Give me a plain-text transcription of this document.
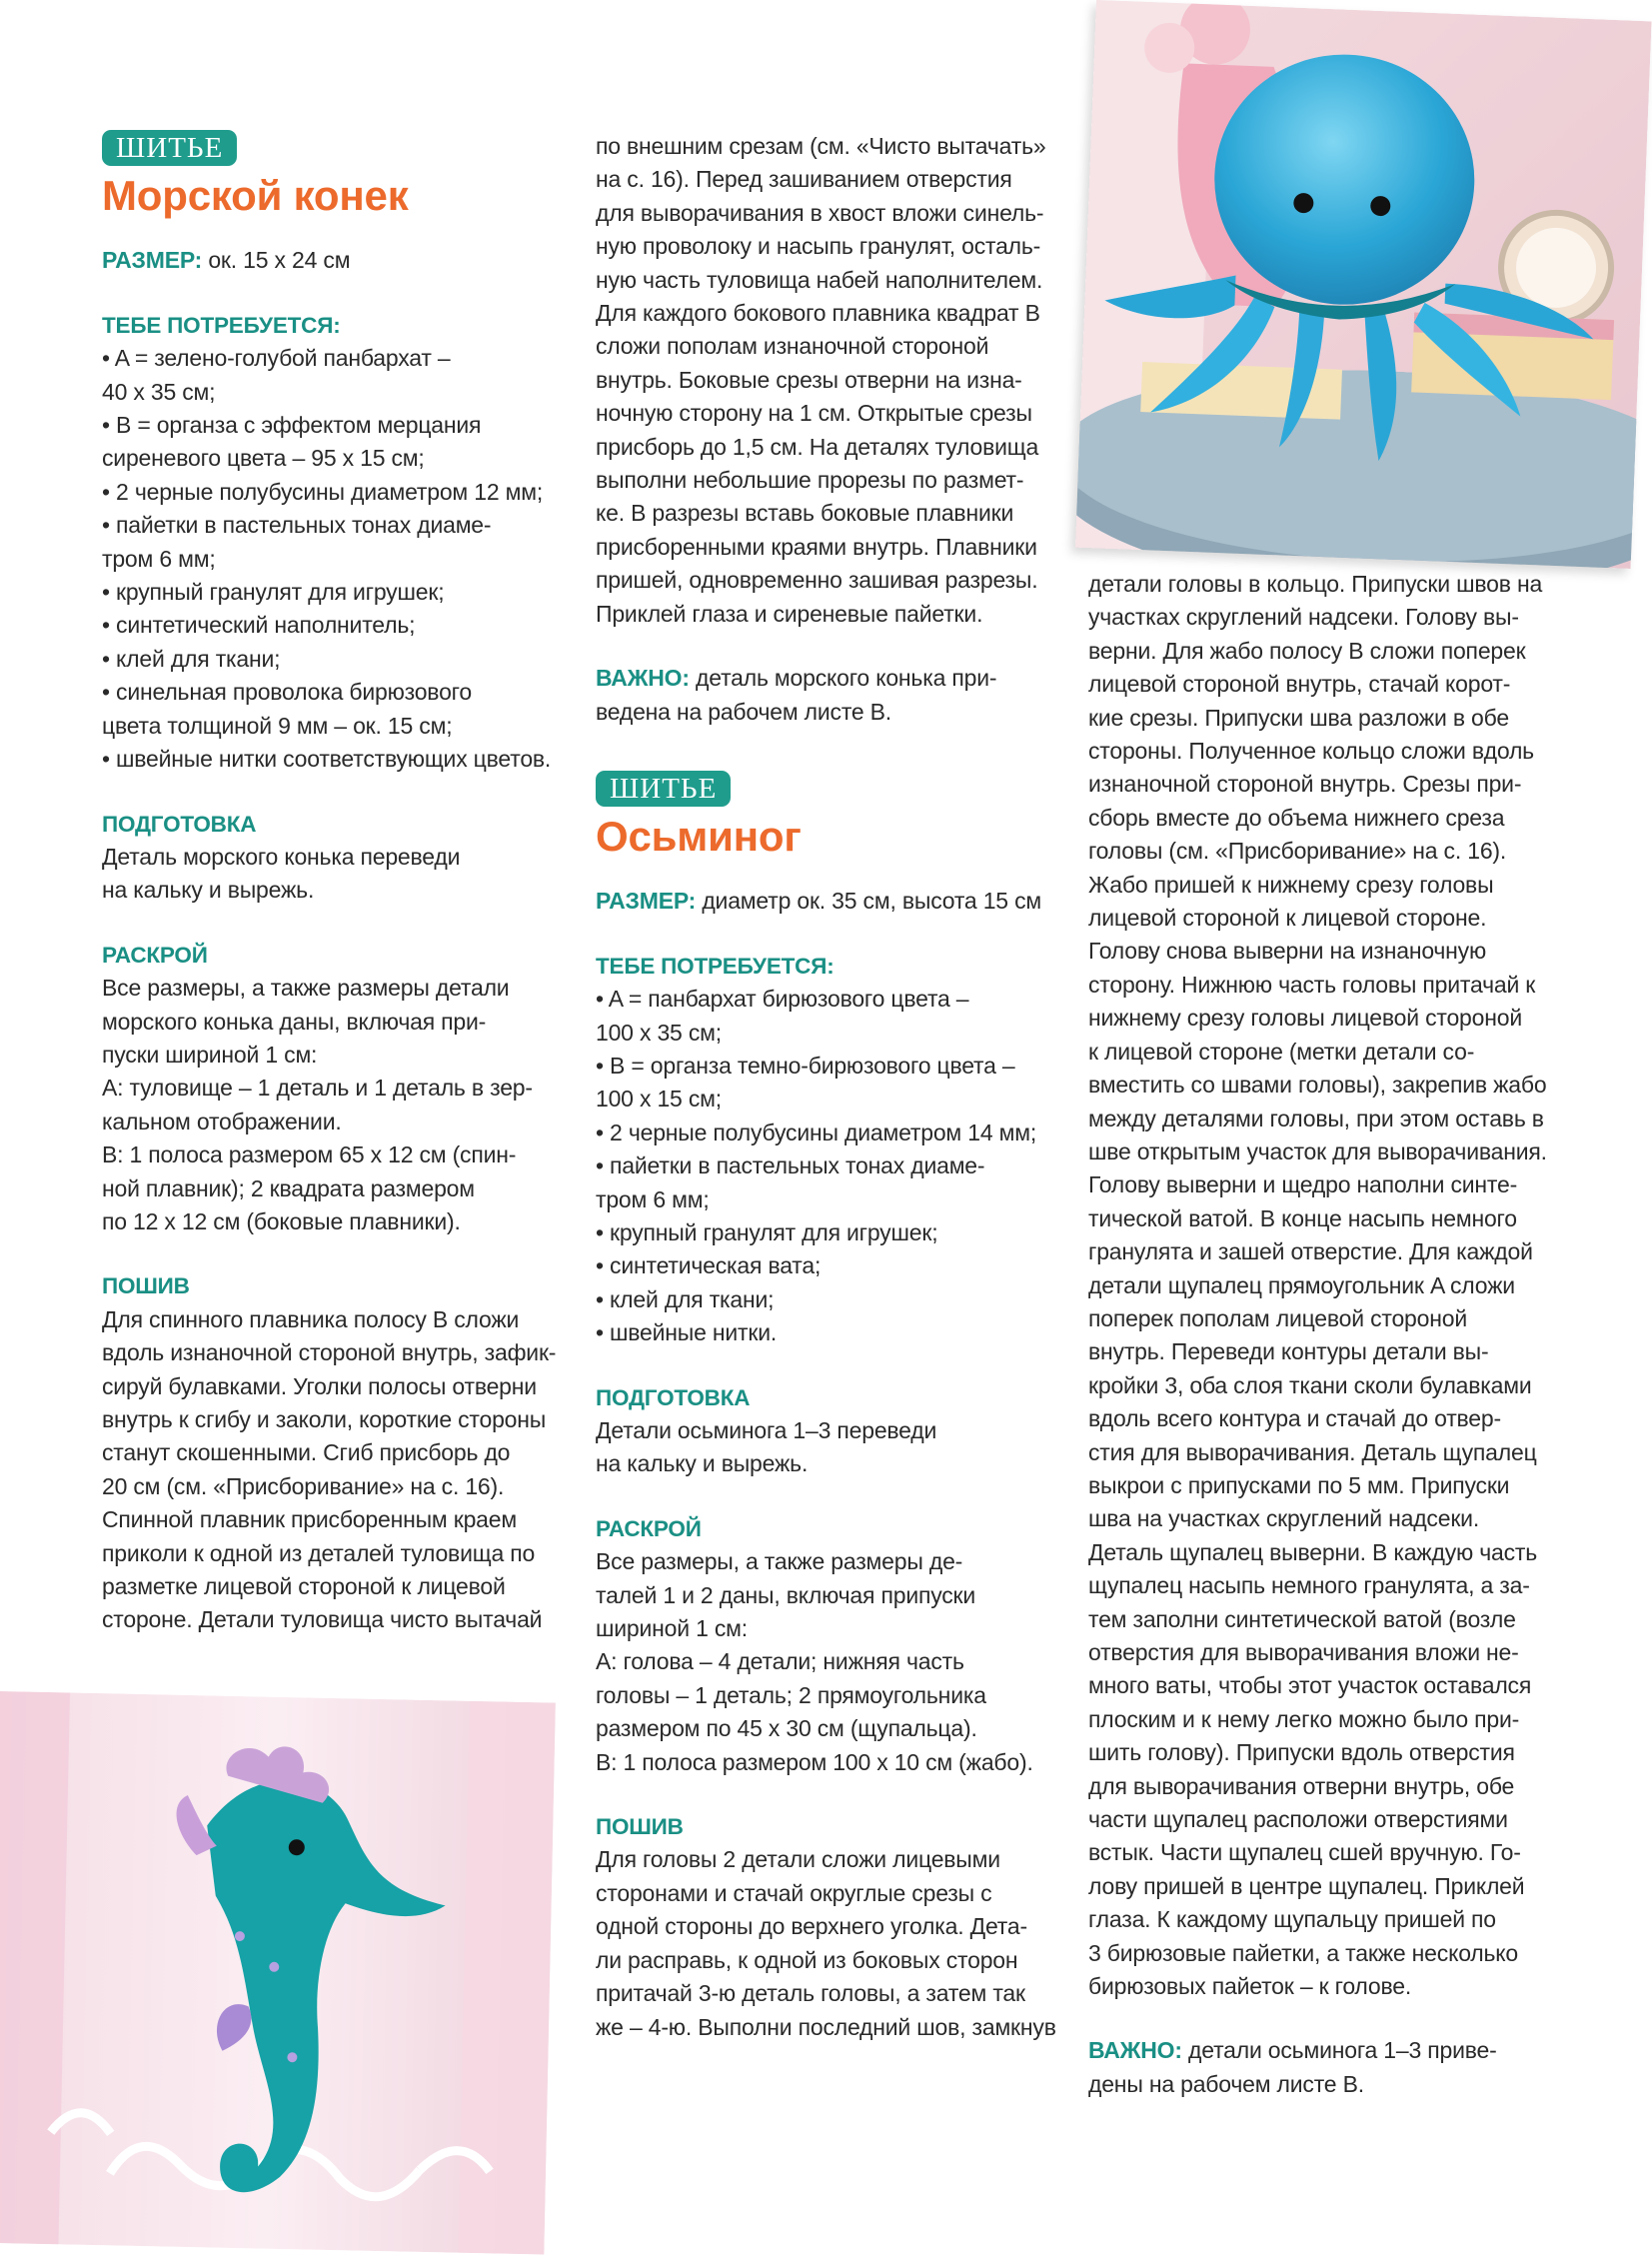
ШИТЬЕ
Морской конек

РАЗМЕР: ок. 15 х 24 см

ТЕБЕ ПОТРЕБУЕТСЯ:

• A = зелено-голубой панбархат –
40 х 35 см;
• B = органза с эффектом мерцания
сиреневого цвета – 95 х 15 см;
• 2 черные полубусины диаметром 12 мм;
• пайетки в пастельных тонах диаме-
тром 6 мм;
• крупный гранулят для игрушек;
• синтетический наполнитель;
• клей для ткани;
• синельная проволока бирюзового
цвета толщиной 9 мм – ок. 15 см;
• швейные нитки соответствующих цветов.

ПОДГОТОВКА

Деталь морского конька переведи
на кальку и вырежь.

РАСКРОЙ

Все размеры, а также размеры детали
морского конька даны, включая при-
пуски шириной 1 см:
A: туловище – 1 деталь и 1 деталь в зер-
кальном отображении.
B: 1 полоса размером 65 х 12 см (спин-
ной плавник); 2 квадрата размером
по 12 х 12 см (боковые плавники).

ПОШИВ

Для спинного плавника полосу B сложи
вдоль изнаночной стороной внутрь, зафик-
сируй булавками. Уголки полосы отверни
внутрь к сгибу и заколи, короткие стороны
станут скошенными. Сгиб присборь до
20 см (см. «Присборивание» на с. 16).
Спинной плавник присборенным краем
приколи к одной из деталей туловища по
разметке лицевой стороной к лицевой
стороне. Детали туловища чисто вытачай

по внешним срезам (см. «Чисто вытачать»
на с. 16). Перед зашиванием отверстия
для выворачивания в хвост вложи синель-
ную проволоку и насыпь гранулят, осталь-
ную часть туловища набей наполнителем.
Для каждого бокового плавника квадрат B
сложи пополам изнаночной стороной
внутрь. Боковые срезы отверни на изна-
ночную сторону на 1 см. Открытые срезы
присборь до 1,5 см. На деталях туловища
выполни небольшие прорезы по размет-
ке. В разрезы вставь боковые плавники
присборенными краями внутрь. Плавники
пришей, одновременно зашивая разрезы.
Приклей глаза и сиреневые пайетки.

ВАЖНО: деталь морского конька при-
ведена на рабочем листе B.

ШИТЬЕ
Осьминог

РАЗМЕР: диаметр ок. 35 см, высота 15 см

ТЕБЕ ПОТРЕБУЕТСЯ:

• A = панбархат бирюзового цвета –
100 х 35 см;
• B = органза темно-бирюзового цвета –
100 х 15 см;
• 2 черные полубусины диаметром 14 мм;
• пайетки в пастельных тонах диаме-
тром 6 мм;
• крупный гранулят для игрушек;
• синтетическая вата;
• клей для ткани;
• швейные нитки.

ПОДГОТОВКА

Детали осьминога 1–3 переведи
на кальку и вырежь.

РАСКРОЙ

Все размеры, а также размеры де-
талей 1 и 2 даны, включая припуски
шириной 1 см:
A: голова – 4 детали; нижняя часть
головы – 1 деталь; 2 прямоугольника
размером по 45 х 30 см (щупальца).
B: 1 полоса размером 100 х 10 см (жабо).

ПОШИВ

Для головы 2 детали сложи лицевыми
сторонами и стачай округлые срезы с
одной стороны до верхнего уголка. Дета-
ли расправь, к одной из боковых сторон
притачай 3-ю деталь головы, а затем так
же – 4-ю. Выполни последний шов, замкнув

детали головы в кольцо. Припуски швов на
участках скруглений надсеки. Голову вы-
верни. Для жабо полосу B сложи поперек
лицевой стороной внутрь, стачай корот-
кие срезы. Припуски шва разложи в обе
стороны. Полученное кольцо сложи вдоль
изнаночной стороной внутрь. Срезы при-
сборь вместе до объема нижнего среза
головы (см. «Присборивание» на с. 16).
Жабо пришей к нижнему срезу головы
лицевой стороной к лицевой стороне.
Голову снова выверни на изнаночную
сторону. Нижнюю часть головы притачай к
нижнему срезу головы лицевой стороной
к лицевой стороне (метки детали со-
вместить со швами головы), закрепив жабо
между деталями головы, при этом оставь в
шве открытым участок для выворачивания.
Голову выверни и щедро наполни синте-
тической ватой. В конце насыпь немного
гранулята и зашей отверстие. Для каждой
детали щупалец прямоугольник A сложи
поперек пополам лицевой стороной
внутрь. Переведи контуры детали вы-
кройки 3, оба слоя ткани сколи булавками
вдоль всего контура и стачай до отвер-
стия для выворачивания. Деталь щупалец
выкрои с припусками по 5 мм. Припуски
шва на участках скруглений надсеки.
Деталь щупалец выверни. В каждую часть
щупалец насыпь немного гранулята, а за-
тем заполни синтетической ватой (возле
отверстия для выворачивания вложи не-
много ваты, чтобы этот участок оставался
плоским и к нему легко можно было при-
шить голову). Припуски вдоль отверстия
для выворачивания отверни внутрь, обе
части щупалец расположи отверстиями
встык. Части щупалец сшей вручную. Го-
лову пришей в центре щупалец. Приклей
глаза. К каждому щупальцу пришей по
3 бирюзовые пайетки, а также несколько
бирюзовых пайеток – к голове.

ВАЖНО: детали осьминога 1–3 приве-
дены на рабочем листе B.
